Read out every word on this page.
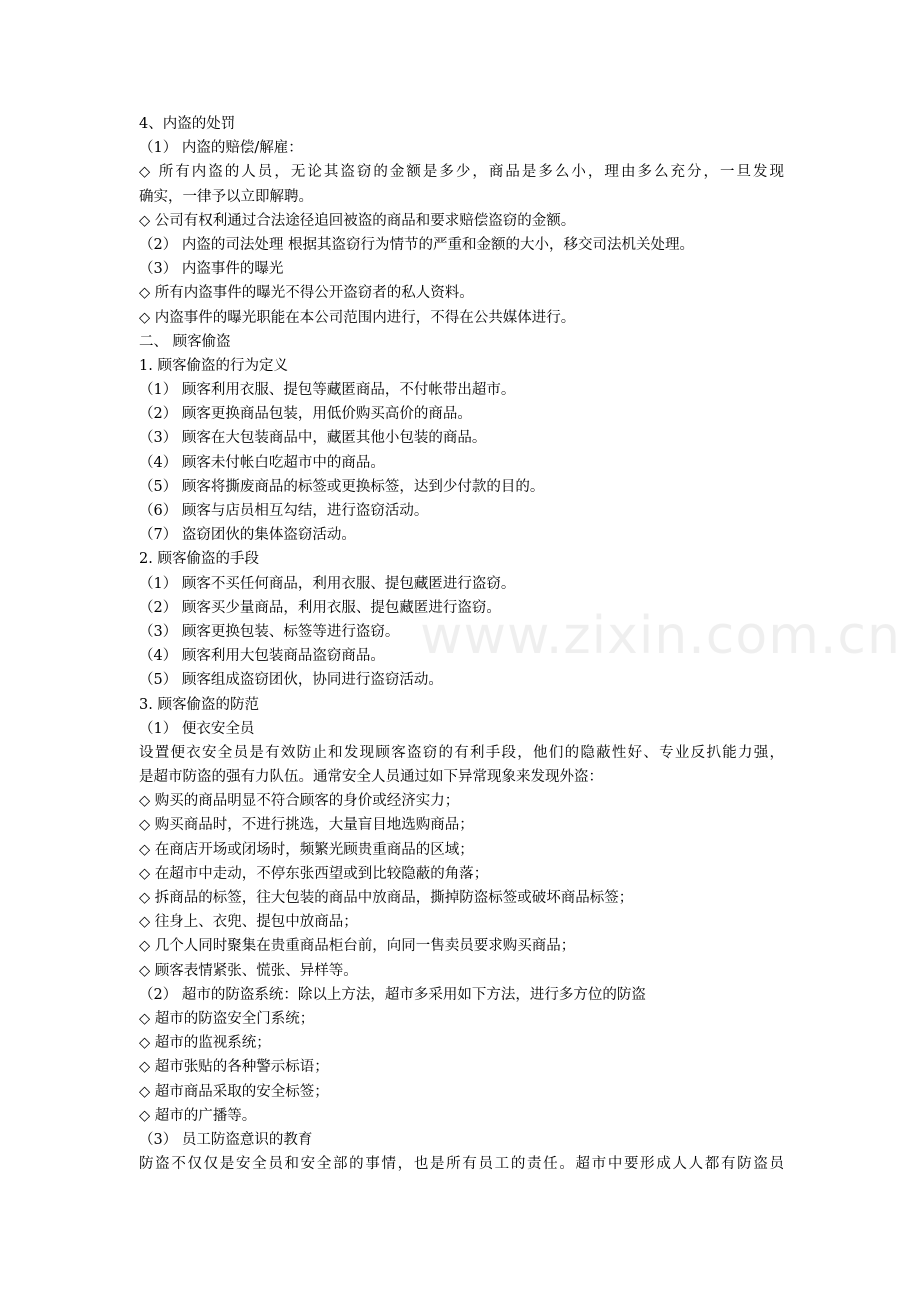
4、内盗的处罚
（1） 内盗的赔偿/解雇：
◇ 所有内盗的人员，无论其盗窃的金额是多少，商品是多么小，理由多么充分，一旦发现
确实，一律予以立即解聘。
◇ 公司有权利通过合法途径追回被盗的商品和要求赔偿盗窃的金额。
（2） 内盗的司法处理 根据其盗窃行为情节的严重和金额的大小，移交司法机关处理。
（3） 内盗事件的曝光
◇ 所有内盗事件的曝光不得公开盗窃者的私人资料。
◇ 内盗事件的曝光职能在本公司范围内进行，不得在公共媒体进行。
二、 顾客偷盗
1. 顾客偷盗的行为定义
（1） 顾客利用衣服、提包等藏匿商品，不付帐带出超市。
（2） 顾客更换商品包装，用低价购买高价的商品。
（3） 顾客在大包装商品中，藏匿其他小包装的商品。
（4） 顾客未付帐白吃超市中的商品。
（5） 顾客将撕废商品的标签或更换标签，达到少付款的目的。
（6） 顾客与店员相互勾结，进行盗窃活动。
（7） 盗窃团伙的集体盗窃活动。
2. 顾客偷盗的手段
（1） 顾客不买任何商品，利用衣服、提包藏匿进行盗窃。
（2） 顾客买少量商品，利用衣服、提包藏匿进行盗窃。
（3） 顾客更换包装、标签等进行盗窃。
（4） 顾客利用大包装商品盗窃商品。
（5） 顾客组成盗窃团伙，协同进行盗窃活动。
3. 顾客偷盗的防范
（1） 便衣安全员
设置便衣安全员是有效防止和发现顾客盗窃的有利手段，他们的隐蔽性好、专业反扒能力强，
是超市防盗的强有力队伍。通常安全人员通过如下异常现象来发现外盗：
◇ 购买的商品明显不符合顾客的身价或经济实力；
◇ 购买商品时，不进行挑选，大量盲目地选购商品；
◇ 在商店开场或闭场时，频繁光顾贵重商品的区域；
◇ 在超市中走动，不停东张西望或到比较隐蔽的角落；
◇ 拆商品的标签，往大包装的商品中放商品，撕掉防盗标签或破坏商品标签；
◇ 往身上、衣兜、提包中放商品；
◇ 几个人同时聚集在贵重商品柜台前，向同一售卖员要求购买商品；
◇ 顾客表情紧张、慌张、异样等。
（2） 超市的防盗系统：除以上方法，超市多采用如下方法，进行多方位的防盗
◇ 超市的防盗安全门系统；
◇ 超市的监视系统；
◇ 超市张贴的各种警示标语；
◇ 超市商品采取的安全标签；
◇ 超市的广播等。
（3） 员工防盗意识的教育
防盗不仅仅是安全员和安全部的事情，也是所有员工的责任。超市中要形成人人都有防盗员
www.zixin.com.cn
